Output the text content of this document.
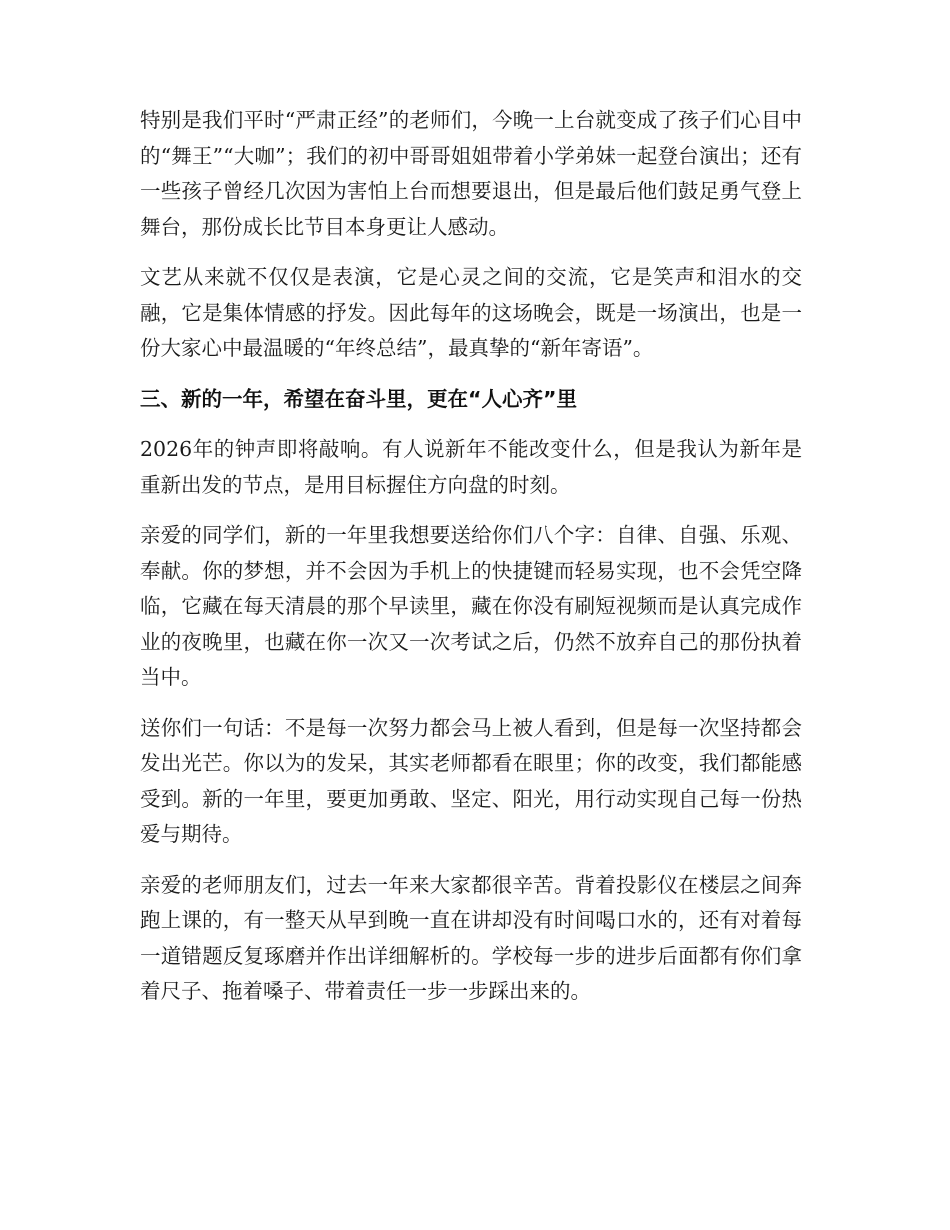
特别是我们平时“严肃正经”的老师们，今晚一上台就变成了孩子们心目中的“舞王”“大咖”；我们的初中哥哥姐姐带着小学弟妹一起登台演出；还有一些孩子曾经几次因为害怕上台而想要退出，但是最后他们鼓足勇气登上舞台，那份成长比节目本身更让人感动。

文艺从来就不仅仅是表演，它是心灵之间的交流，它是笑声和泪水的交融，它是集体情感的抒发。因此每年的这场晚会，既是一场演出，也是一份大家心中最温暖的“年终总结”，最真挚的“新年寄语”。

三、新的一年，希望在奋斗里，更在“人心齐”里

2026年的钟声即将敲响。有人说新年不能改变什么，但是我认为新年是重新出发的节点，是用目标握住方向盘的时刻。

亲爱的同学们，新的一年里我想要送给你们八个字：自律、自强、乐观、奉献。你的梦想，并不会因为手机上的快捷键而轻易实现，也不会凭空降临，它藏在每天清晨的那个早读里，藏在你没有刷短视频而是认真完成作业的夜晚里，也藏在你一次又一次考试之后，仍然不放弃自己的那份执着当中。

送你们一句话：不是每一次努力都会马上被人看到，但是每一次坚持都会发出光芒。你以为的发呆，其实老师都看在眼里；你的改变，我们都能感受到。新的一年里，要更加勇敢、坚定、阳光，用行动实现自己每一份热爱与期待。

亲爱的老师朋友们，过去一年来大家都很辛苦。背着投影仪在楼层之间奔跑上课的，有一整天从早到晚一直在讲却没有时间喝口水的，还有对着每一道错题反复琢磨并作出详细解析的。学校每一步的进步后面都有你们拿着尺子、拖着嗓子、带着责任一步一步踩出来的。
